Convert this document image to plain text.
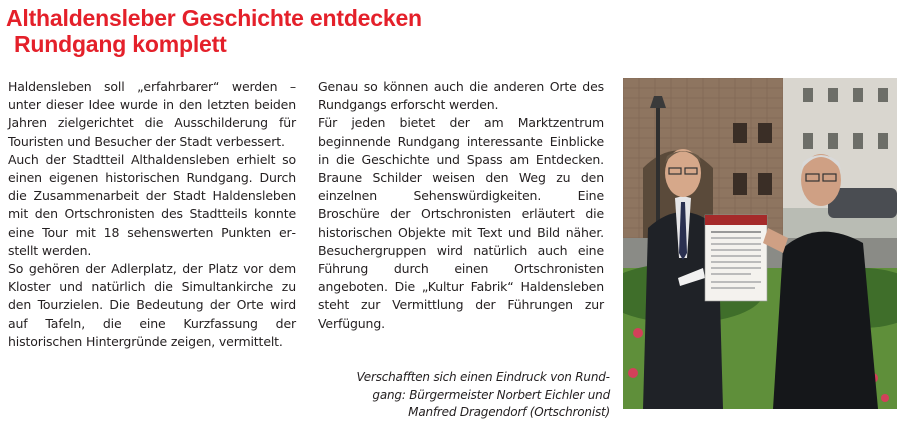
Althaldensleber Geschichte entdecken
Rundgang komplett

Haldensleben soll „erfahrbarer“ werden – unter dieser Idee wurde in den letzten beiden Jahren zielgerichtet die Ausschilderung für Touristen und Besucher der Stadt verbessert.

Auch der Stadtteil Althaldensleben erhielt so einen eigenen historischen Rundgang. Durch die Zusammenarbeit der Stadt Haldensleben mit den Ortschronisten des Stadtteils konnte eine Tour mit 18 sehenswerten Punkten erstellt werden.

So gehören der Adlerplatz, der Platz vor dem Kloster und natürlich die Simultankirche zu den Tourzielen. Die Bedeutung der Orte wird auf Tafeln, die eine Kurzfassung der historischen Hintergründe zeigen, vermittelt.

Genau so können auch die anderen Orte des Rundgangs erforscht werden.

Für jeden bietet der am Marktzentrum beginnende Rundgang interessante Einblicke in die Geschichte und Spass am Entdecken. Braune Schilder weisen den Weg zu den einzelnen Sehenswürdigkeiten. Eine Broschüre der Ortschronisten erläutert die historischen Objekte mit Text und Bild näher. Besuchergruppen wird natürlich auch eine Führung durch einen Ortschronisten angeboten. Die „Kultur Fabrik“ Haldensleben steht zur Vermittlung der Führungen zur Verfügung.

Verschafften sich einen Eindruck von Rundgang: Bürgermeister Norbert Eichler und Manfred Dragendorf (Ortschronist)
